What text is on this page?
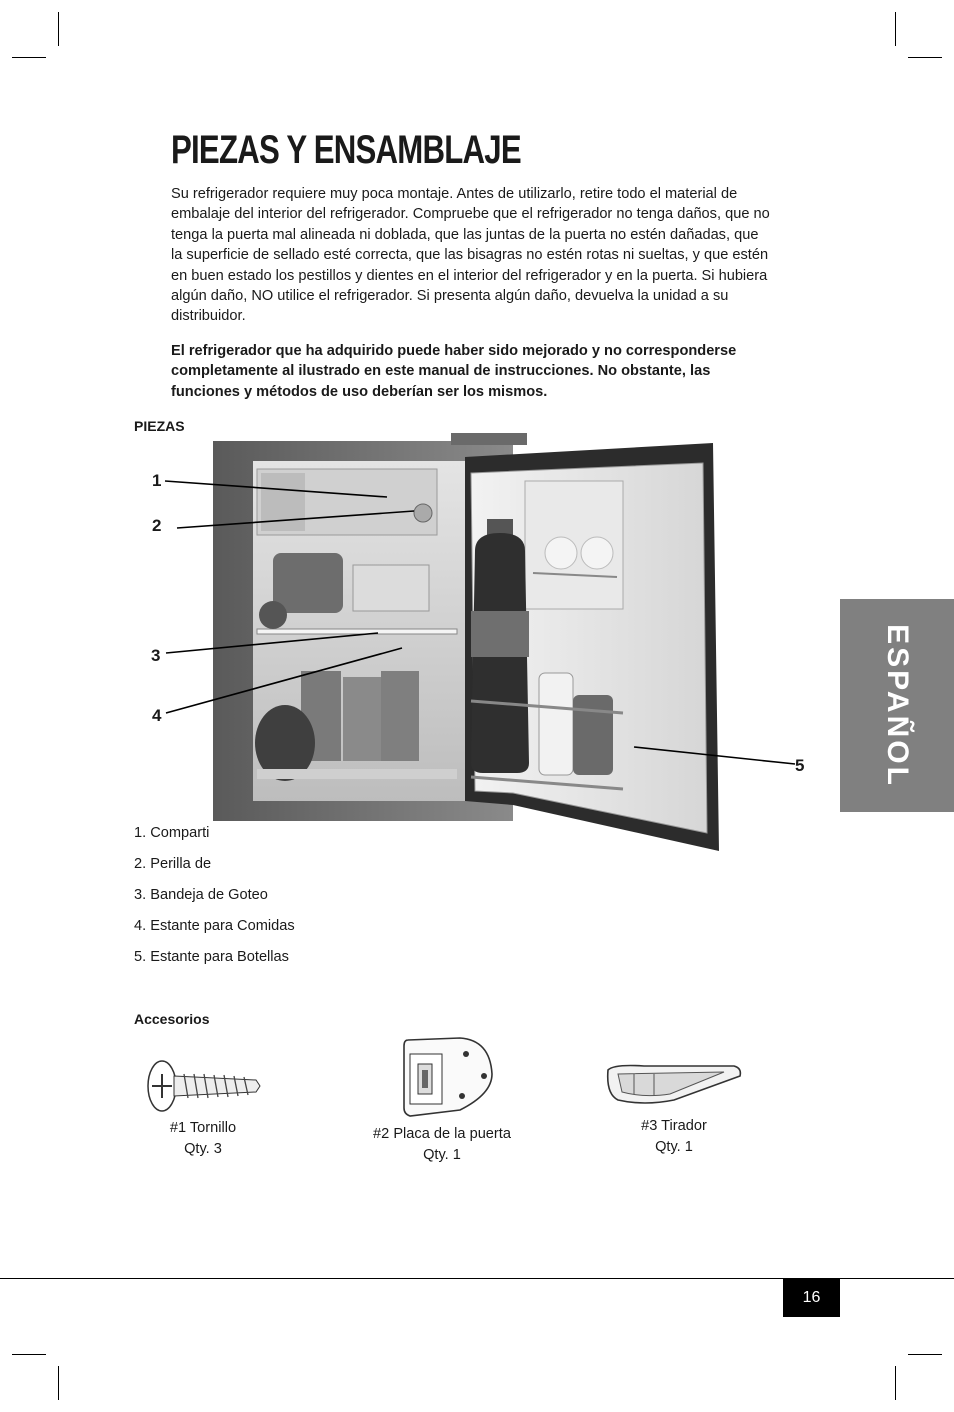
PIEZAS Y ENSAMBLAJE

Su refrigerador requiere muy poca montaje. Antes de utilizarlo, retire todo el material de embalaje del interior del refrigerador. Compruebe que el refrigerador no tenga daños, que no tenga la puerta mal alineada ni doblada, que las juntas de la puerta no estén dañadas, que la superficie de sellado esté correcta, que las bisagras no estén rotas ni sueltas, y que estén en buen estado los pestillos y dientes en el interior del refrigerador y en la puerta. Si hubiera algún daño, NO utilice el refrigerador. Si presenta algún daño, devuelva la unidad a su distribuidor.

El refrigerador que ha adquirido puede haber sido mejorado y no corresponderse completamente al ilustrado en este manual de instrucciones. No obstante, las funciones y métodos de uso deberían ser los mismos.

PIEZAS

1
2
3
4
5

1. Comparti

2. Perilla de

3. Bandeja de Goteo

4. Estante para Comidas

5. Estante para Botellas

ESPAÑOL

Accesorios

#1 Tornillo
Qty. 3
#2 Placa de la puerta
Qty. 1
#3 Tirador
Qty. 1
16
